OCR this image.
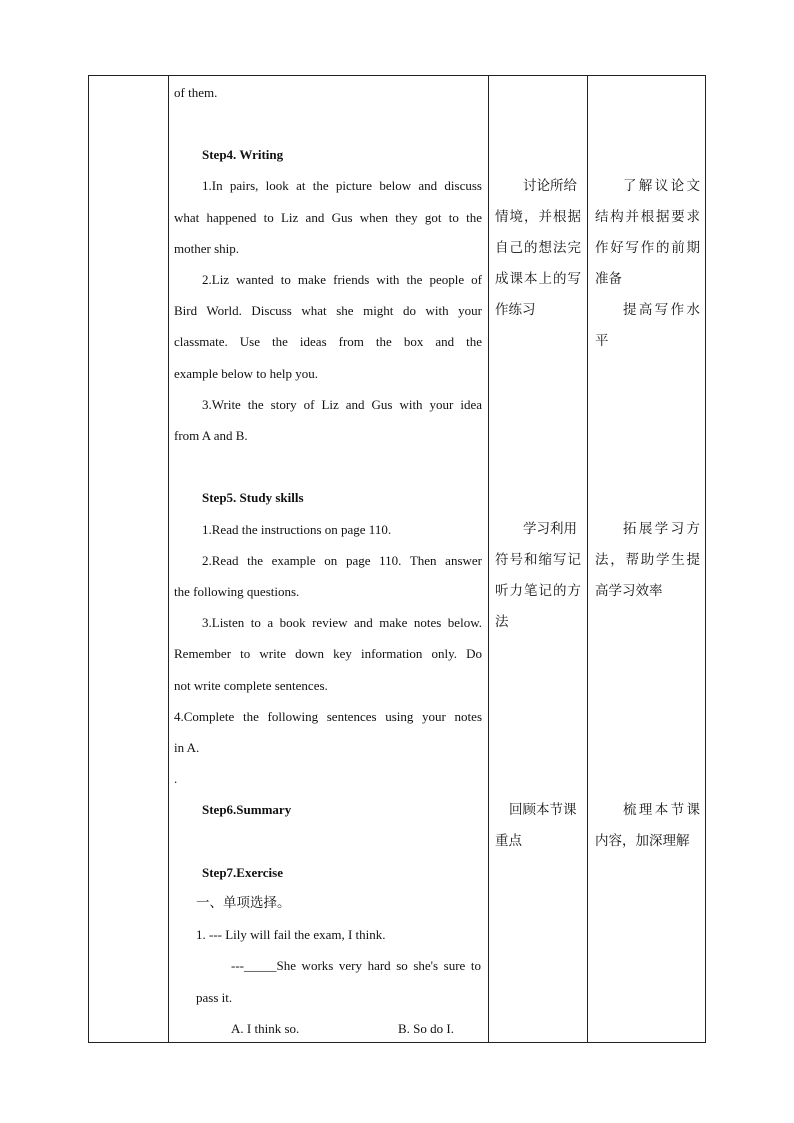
of them.
Step4. Writing
1.In pairs, look at the picture below and discuss
what happened to Liz and Gus when they got to the
mother ship.
2.Liz wanted to make friends with the people of
Bird World. Discuss what she might do with your
classmate. Use the ideas from the box and the
example below to help you.
3.Write the story of Liz and Gus with your idea
from A and B.
Step5. Study skills
1.Read the instructions on page 110.
2.Read the example on page 110. Then answer
the following questions.
3.Listen to a book review and make notes below.
Remember to write down key information only. Do
not write complete sentences.
4.Complete the following sentences using your notes
in A.
.
Step6.Summary
Step7.Exercise
一、单项选择。
1. --- Lily will fail the exam, I think.
---_____She works very hard so she's sure to
pass it.
A. I think so.	B. So do I.
讨论所给
情境，并根据
自己的想法完
成课本上的写
作练习
学习利用
符号和缩写记
听力笔记的方
法
回顾本节课
重点
了解议论文
结构并根据要求
作好写作的前期
准备
提高写作水
平
拓展学习方
法，帮助学生提
高学习效率
梳理本节课
内容，加深理解
